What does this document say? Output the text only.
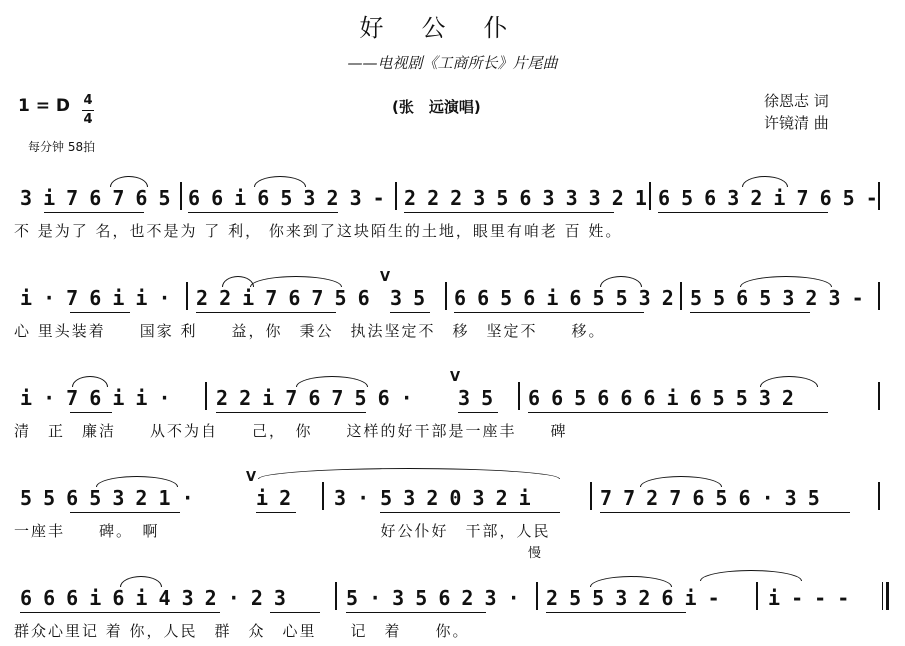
好公仆
——电视剧《工商所长》片尾曲
1 = D 4
4
每分钟 58拍
(张　远演唱)	徐恩志 词
许镜清 曲
3 i 7 6 7 6 5 6 6 i 6 5 3 2 3 - 2 2 2 3 5 6 3 3 3 2 1 6 5 6 3 2 i 7 6 5 -
不 是为了 名，也不是为 了 利， 你来到了这块陌生的土地，眼里有咱老 百 姓。
i · 7 6 i i · 2 2 i 7 6 7 5 6
V
3 5 6 6 5 6 i 6 5 5 3 2 5 5 6 5 3 2 3 -
心 里头装着　　国家 利　　益，你　秉公　执法坚定不　移　坚定不　　移。
i · 7 6 i i · 2 2 i 7 6 7 5 6 ·
V
3 5 6 6 5 6 6 6 i 6 5 5 3 2
清　正　廉洁　　从不为自　　己，　你　　这样的好干部是一座丰　　碑
5 5 6 5 3 2 1 ·
V
i 2 3 · 5 3 2 0 3 2 i	7 7 2 7 6 5 6 · 3 5
一座丰　　碑。　啊　　　　　　　　　　　　　好公仆好　干部，人民
慢
6 6 6 i 6 i 4 3 2 · 2 3	5 · 3 5 6 2 3 · 2 5 5 3 2 6 i - i - - -
群众心里记 着 你，人民　群　众　心里　　记　着　　你。
